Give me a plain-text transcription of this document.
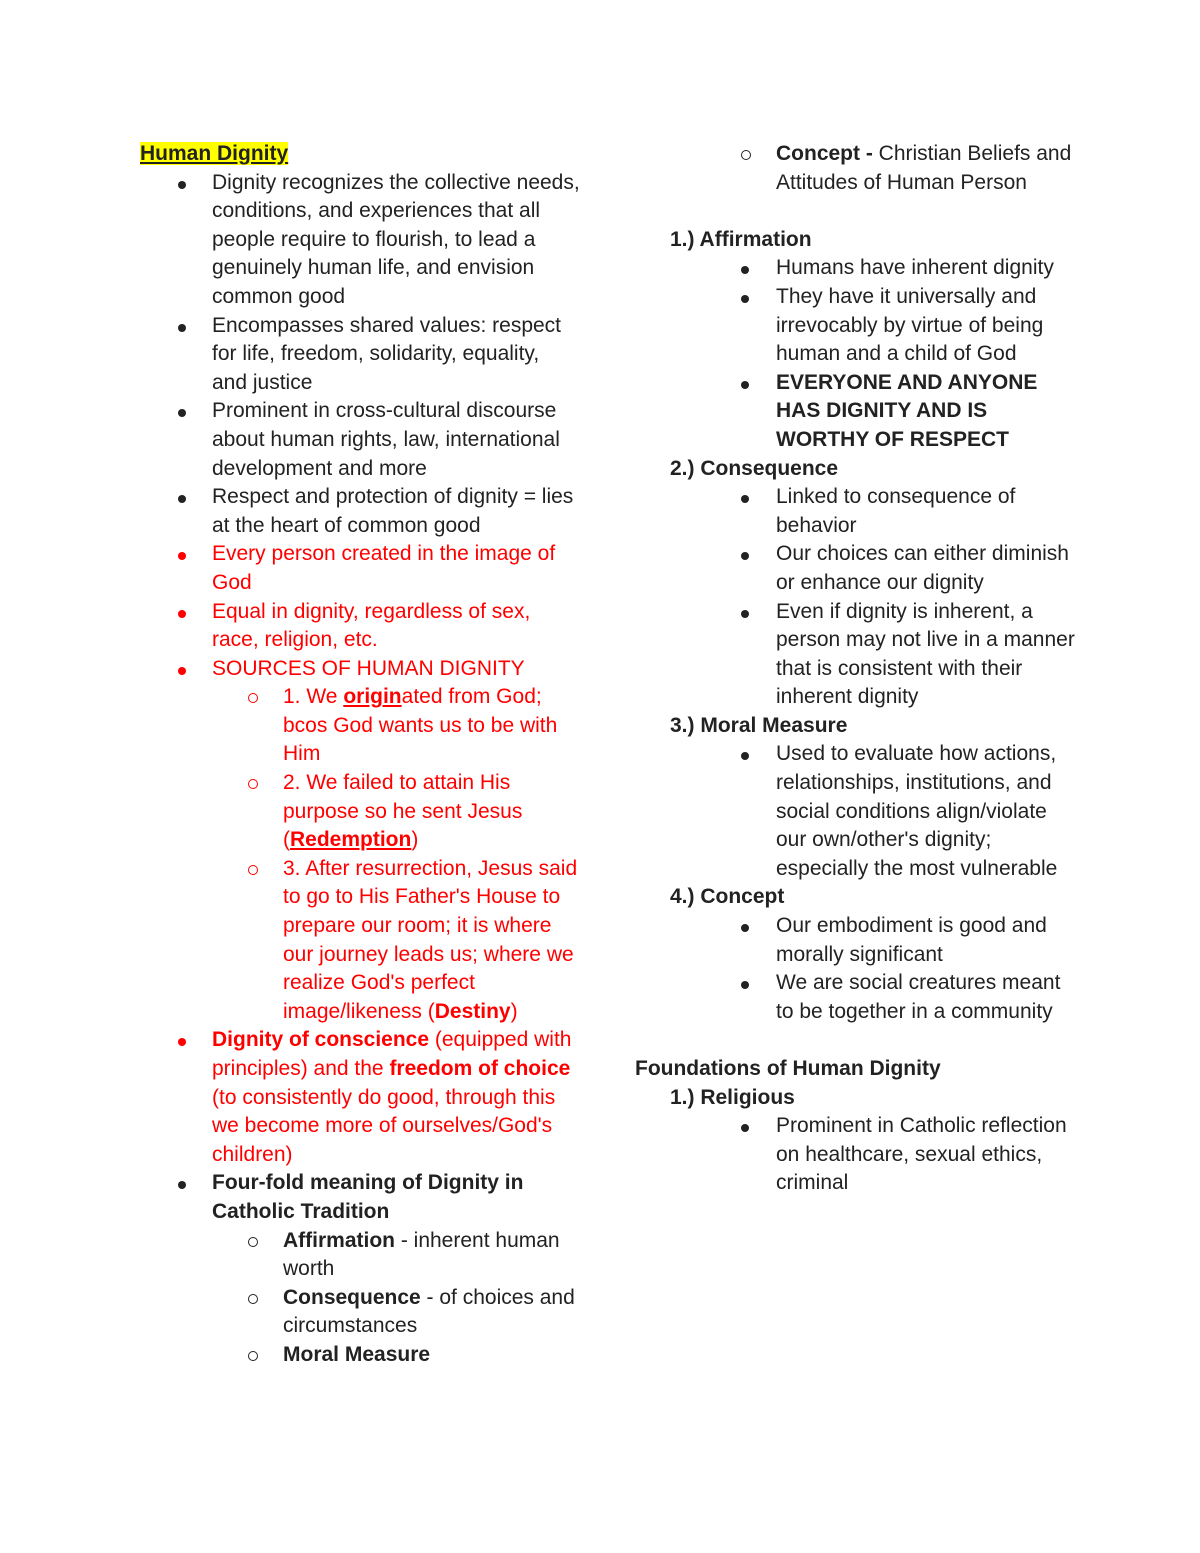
Human Dignity
Dignity recognizes the collective needs, conditions, and experiences that all people require to flourish, to lead a genuinely human life, and envision common good
Encompasses shared values: respect for life, freedom, solidarity, equality, and justice
Prominent in cross-cultural discourse about human rights, law, international development and more
Respect and protection of dignity = lies at the heart of common good
Every person created in the image of God
Equal in dignity, regardless of sex, race, religion, etc.
SOURCES OF HUMAN DIGNITY
1. We originated from God; bcos God wants us to be with Him
2. We failed to attain His purpose so he sent Jesus (Redemption)
3. After resurrection, Jesus said to go to His Father's House to prepare our room; it is where our journey leads us; where we realize God's perfect image/likeness (Destiny)
Dignity of conscience (equipped with principles) and the freedom of choice (to consistently do good, through this we become more of ourselves/God's children)
Four-fold meaning of Dignity in Catholic Tradition
Affirmation - inherent human worth
Consequence - of choices and circumstances
Moral Measure
Concept - Christian Beliefs and Attitudes of Human Person
1.) Affirmation
Humans have inherent dignity
They have it universally and irrevocably by virtue of being human and a child of God
EVERYONE AND ANYONE HAS DIGNITY AND IS WORTHY OF RESPECT
2.) Consequence
Linked to consequence of behavior
Our choices can either diminish or enhance our dignity
Even if dignity is inherent, a person may not live in a manner that is consistent with their inherent dignity
3.) Moral Measure
Used to evaluate how actions, relationships, institutions, and social conditions align/violate our own/other's dignity; especially the most vulnerable
4.) Concept
Our embodiment is good and morally significant
We are social creatures meant to be together in a community
Foundations of Human Dignity
1.) Religious
Prominent in Catholic reflection on healthcare, sexual ethics, criminal
